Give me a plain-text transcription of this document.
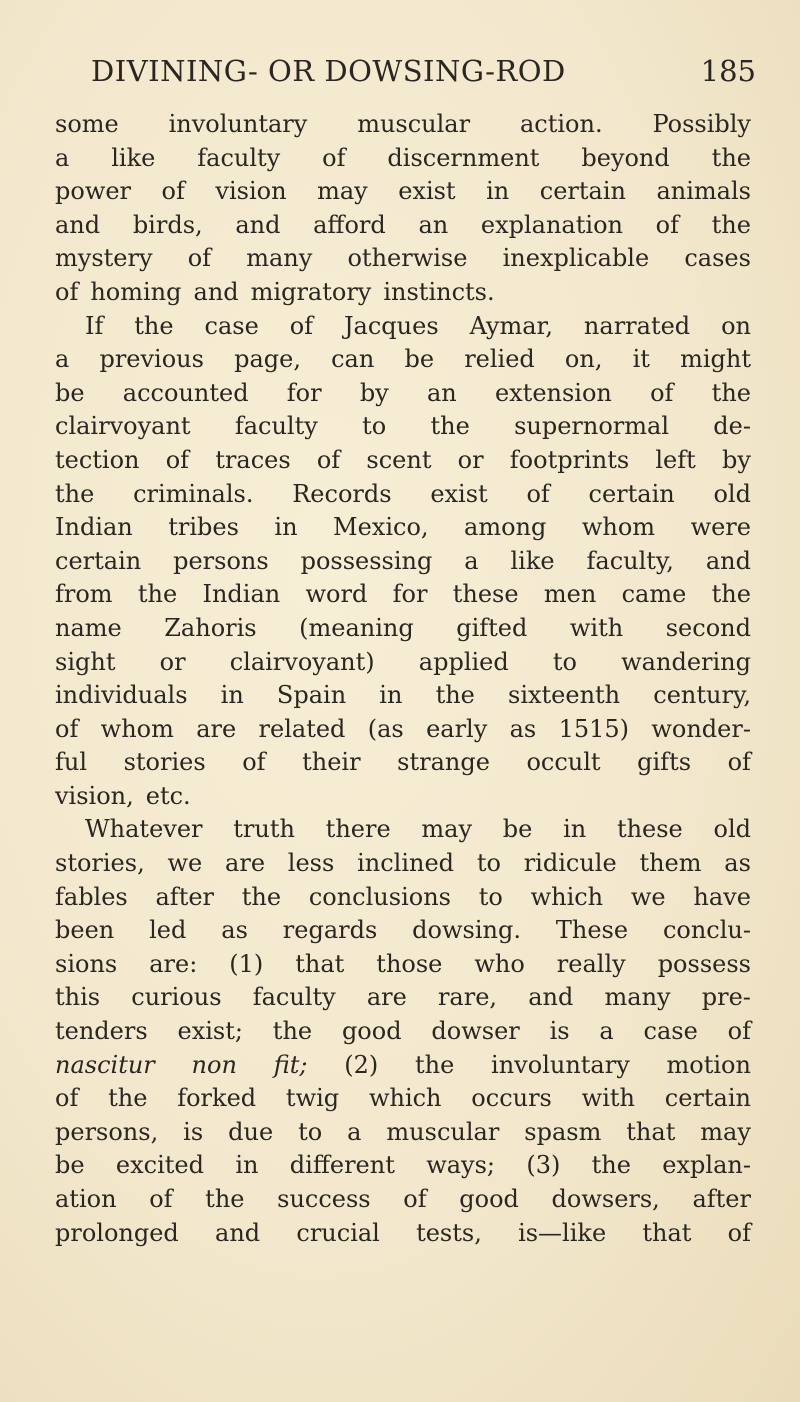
DIVINING- OR DOWSING-ROD	185
some involuntary muscular action. Possibly
a like faculty of discernment beyond the
power of vision may exist in certain animals
and birds, and afford an explanation of the
mystery of many otherwise inexplicable cases
of homing and migratory instincts.
If the case of Jacques Aymar, narrated on
a previous page, can be relied on, it might
be accounted for by an extension of the
clairvoyant faculty to the supernormal de-
tection of traces of scent or footprints left by
the criminals. Records exist of certain old
Indian tribes in Mexico, among whom were
certain persons possessing a like faculty, and
from the Indian word for these men came the
name Zahoris (meaning gifted with second
sight or clairvoyant) applied to wandering
individuals in Spain in the sixteenth century,
of whom are related (as early as 1515) wonder-
ful stories of their strange occult gifts of
vision, etc.
Whatever truth there may be in these old
stories, we are less inclined to ridicule them as
fables after the conclusions to which we have
been led as regards dowsing. These conclu-
sions are: (1) that those who really possess
this curious faculty are rare, and many pre-
tenders exist; the good dowser is a case of
nascitur non fit; (2) the involuntary motion
of the forked twig which occurs with certain
persons, is due to a muscular spasm that may
be excited in different ways; (3) the explan-
ation of the success of good dowsers, after
prolonged and crucial tests, is—like that of
